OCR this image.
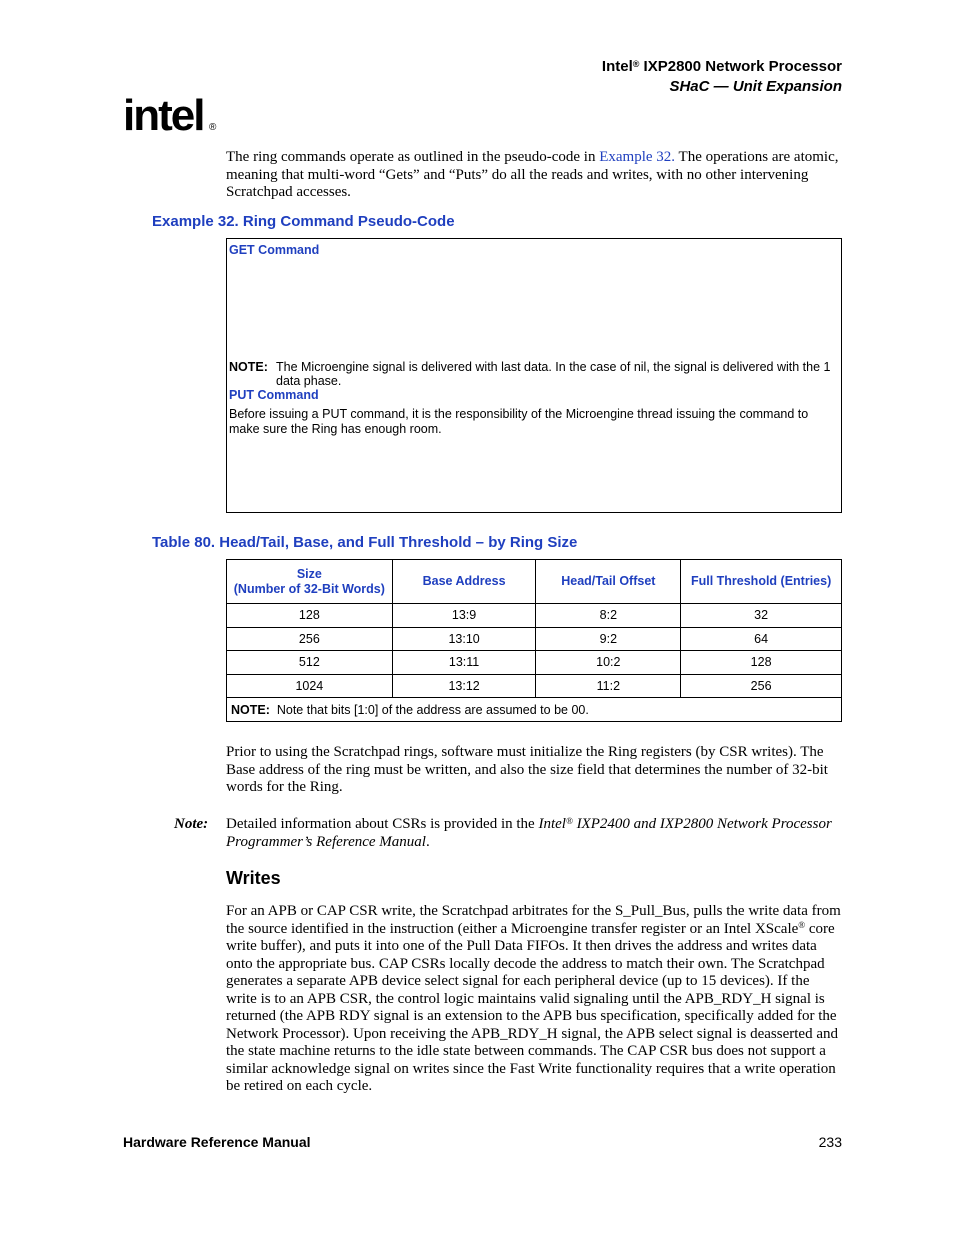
Intel® IXP2800 Network Processor
SHaC — Unit Expansion
intel ®
The ring commands operate as outlined in the pseudo-code in Example 32. The operations are atomic, meaning that multi-word “Gets” and “Puts” do all the reads and writes, with no other intervening Scratchpad accesses.
Example 32. Ring Command Pseudo-Code
GET Command
NOTE: The Microengine signal is delivered with last data. In the case of nil, the signal is delivered with the 1 data phase.
PUT Command
Before issuing a PUT command, it is the responsibility of the Microengine thread issuing the command to make sure the Ring has enough room.
Table 80. Head/Tail, Base, and Full Threshold – by Ring Size
Size
(Number of 32-Bit Words)	Base Address	Head/Tail Offset	Full Threshold (Entries)
128	13:9	8:2	32
256	13:10	9:2	64
512	13:11	10:2	128
1024	13:12	11:2	256
NOTE: Note that bits [1:0] of the address are assumed to be 00.			
Prior to using the Scratchpad rings, software must initialize the Ring registers (by CSR writes). The Base address of the ring must be written, and also the size field that determines the number of 32-bit words for the Ring.
Note: Detailed information about CSRs is provided in the Intel® IXP2400 and IXP2800 Network Processor Programmer’s Reference Manual.
Writes
For an APB or CAP CSR write, the Scratchpad arbitrates for the S_Pull_Bus, pulls the write data from the source identified in the instruction (either a Microengine transfer register or an Intel XScale® core write buffer), and puts it into one of the Pull Data FIFOs. It then drives the address and writes data onto the appropriate bus. CAP CSRs locally decode the address to match their own. The Scratchpad generates a separate APB device select signal for each peripheral device (up to 15 devices). If the write is to an APB CSR, the control logic maintains valid signaling until the APB_RDY_H signal is returned (the APB RDY signal is an extension to the APB bus specification, specifically added for the Network Processor). Upon receiving the APB_RDY_H signal, the APB select signal is deasserted and the state machine returns to the idle state between commands. The CAP CSR bus does not support a similar acknowledge signal on writes since the Fast Write functionality requires that a write operation be retired on each cycle.
Hardware Reference Manual	233
